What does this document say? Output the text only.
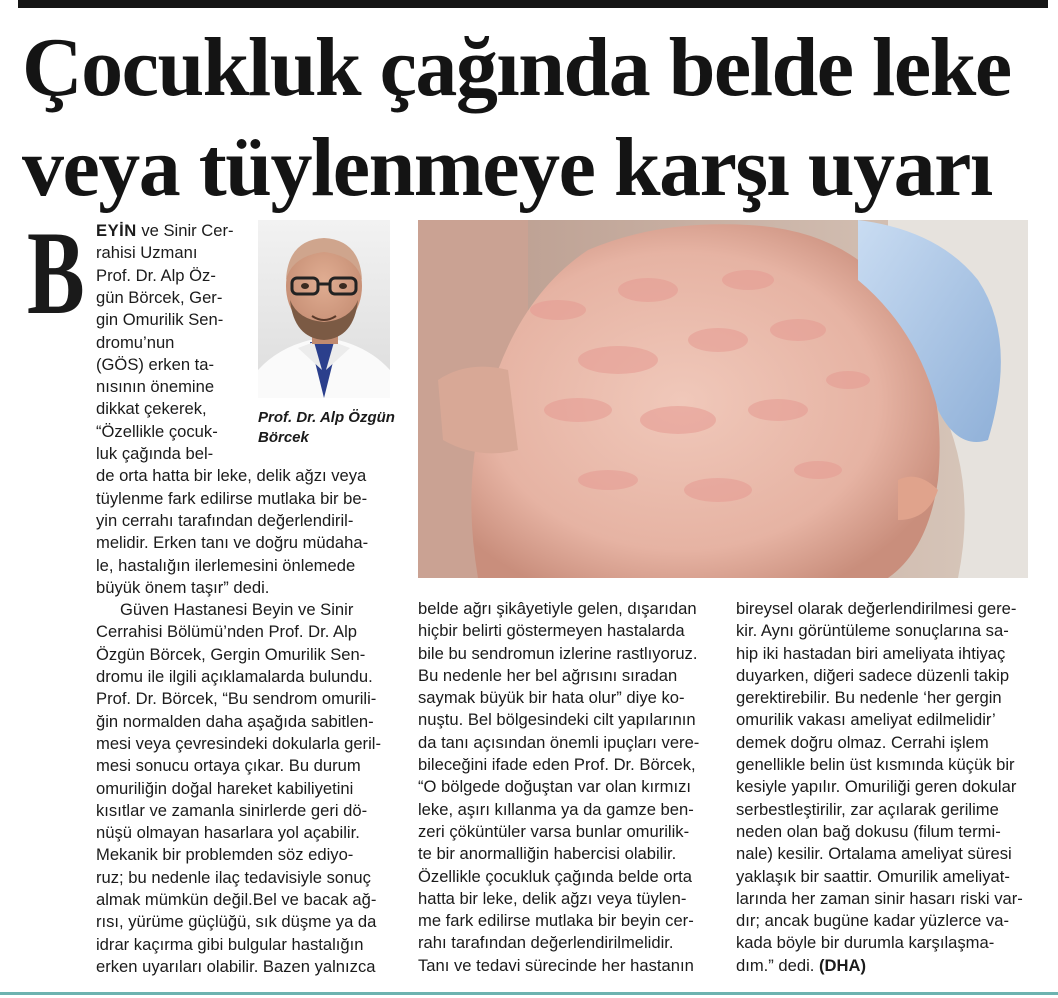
Çocukluk çağında belde leke
veya tüylenmeye karşı uyarı
B
Prof. Dr. Alp Özgün
Börcek
EYİN ve Sinir Cer-
rahisi Uzmanı
Prof. Dr. Alp Öz-
gün Börcek, Ger-
gin Omurilik Sen-
dromu’nun
(GÖS) erken ta-
nısının önemine
dikkat çekerek,
“Özellikle çocuk-
luk çağında bel-
de orta hatta bir leke, delik ağzı veya
tüylenme fark edilirse mutlaka bir be-
yin cerrahı tarafından değerlendiril-
melidir. Erken tanı ve doğru müdaha-
le, hastalığın ilerlemesini önlemede
büyük önem taşır” dedi.
Güven Hastanesi Beyin ve Sinir
Cerrahisi Bölümü’nden Prof. Dr. Alp
Özgün Börcek, Gergin Omurilik Sen-
dromu ile ilgili açıklamalarda bulundu.
Prof. Dr. Börcek, “Bu sendrom omurili-
ğin normalden daha aşağıda sabitlen-
mesi veya çevresindeki dokularla geril-
mesi sonucu ortaya çıkar. Bu durum
omuriliğin doğal hareket kabiliyetini
kısıtlar ve zamanla sinirlerde geri dö-
nüşü olmayan hasarlara yol açabilir.
Mekanik bir problemden söz ediyo-
ruz; bu nedenle ilaç tedavisiyle sonuç
almak mümkün değil.Bel ve bacak ağ-
rısı, yürüme güçlüğü, sık düşme ya da
idrar kaçırma gibi bulgular hastalığın
erken uyarıları olabilir. Bazen yalnızca
belde ağrı şikâyetiyle gelen, dışarıdan
hiçbir belirti göstermeyen hastalarda
bile bu sendromun izlerine rastlıyoruz.
Bu nedenle her bel ağrısını sıradan
saymak büyük bir hata olur” diye ko-
nuştu. Bel bölgesindeki cilt yapılarının
da tanı açısından önemli ipuçları vere-
bileceğini ifade eden Prof. Dr. Börcek,
“O bölgede doğuştan var olan kırmızı
leke, aşırı kıllanma ya da gamze ben-
zeri çöküntüler varsa bunlar omurilik-
te bir anormalliğin habercisi olabilir.
Özellikle çocukluk çağında belde orta
hatta bir leke, delik ağzı veya tüylen-
me fark edilirse mutlaka bir beyin cer-
rahı tarafından değerlendirilmelidir.
Tanı ve tedavi sürecinde her hastanın
bireysel olarak değerlendirilmesi gere-
kir. Aynı görüntüleme sonuçlarına sa-
hip iki hastadan biri ameliyata ihtiyaç
duyarken, diğeri sadece düzenli takip
gerektirebilir. Bu nedenle ‘her gergin
omurilik vakası ameliyat edilmelidir’
demek doğru olmaz. Cerrahi işlem
genellikle belin üst kısmında küçük bir
kesiyle yapılır. Omuriliği geren dokular
serbestleştirilir, zar açılarak gerilime
neden olan bağ dokusu (filum termi-
nale) kesilir. Ortalama ameliyat süresi
yaklaşık bir saattir. Omurilik ameliyat-
larında her zaman sinir hasarı riski var-
dır; ancak bugüne kadar yüzlerce va-
kada böyle bir durumla karşılaşma-
dım.” dedi. (DHA)
